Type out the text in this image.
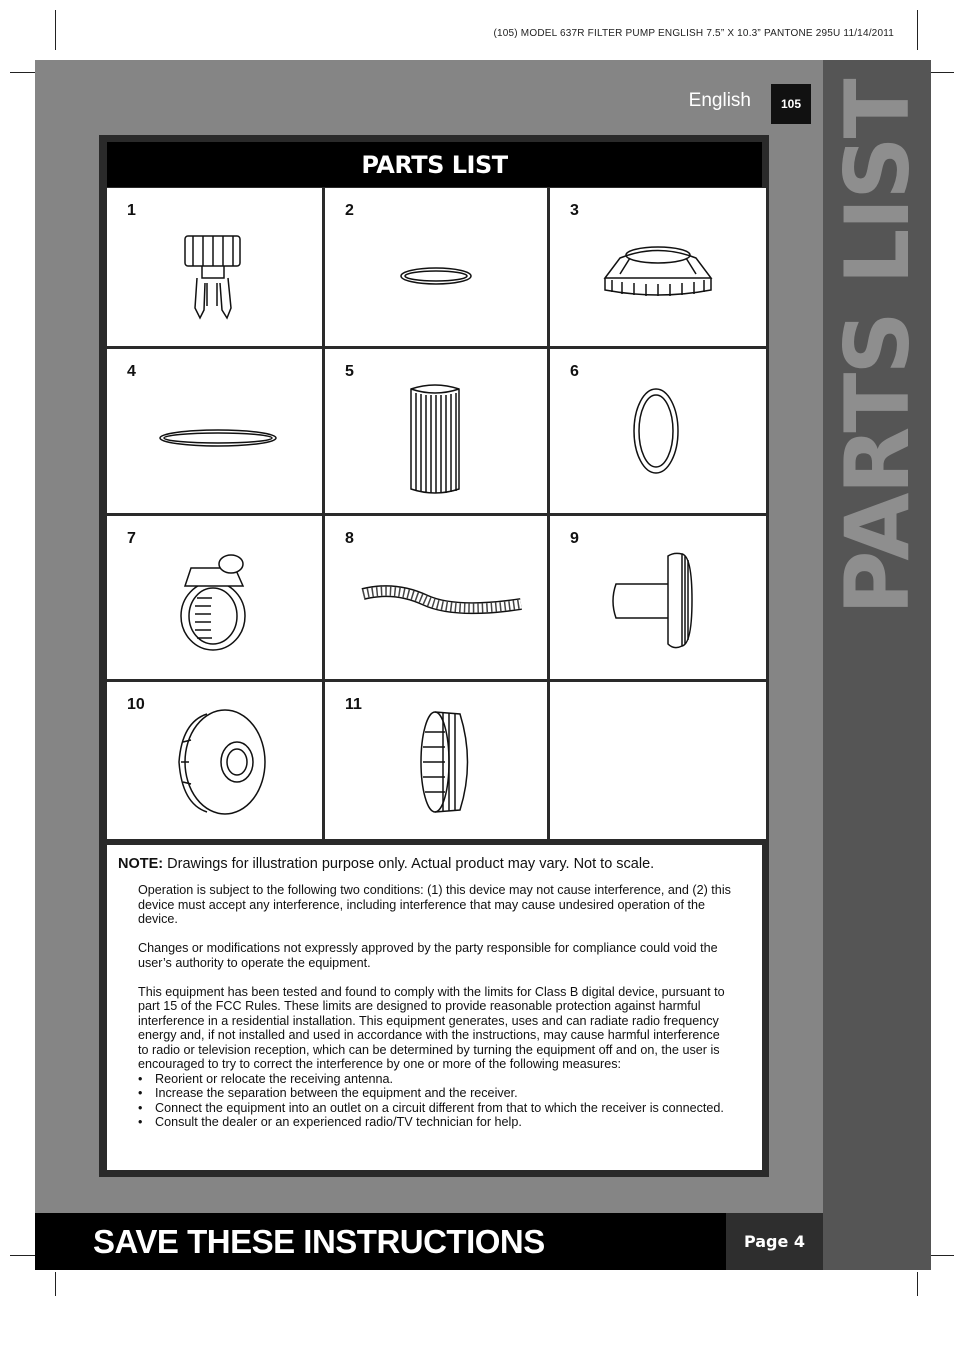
(105) MODEL 637R FILTER PUMP ENGLISH 7.5” X 10.3” PANTONE 295U 11/14/2011
PARTS LIST
English	105
PARTS LIST
1	2	3
4	5	6
7	8	9
10	11
NOTE: Drawings for illustration purpose only. Actual product may vary. Not to scale.

Operation is subject to the following two conditions: (1) this device may not cause interference, and (2) this device must accept any interference, including interference that may cause undesired operation of the device.

Changes or modifications not expressly approved by the party responsible for compliance could void the user’s authority to operate the equipment.

This equipment has been tested and found to comply with the limits for Class B digital device, pursuant to part 15 of the FCC Rules. These limits are designed to provide reasonable protection against harmful interference in a residential installation. This equipment generates, uses and can radiate radio frequency energy and, if not installed and used in accordance with the instructions, may cause harmful interference to radio or television reception, which can be determined by turning the equipment off and on, the user is encouraged to try to correct the interference by one or more of the following measures:

• Reorient or relocate the receiving antenna.
• Increase the separation between the equipment and the receiver.
• Connect the equipment into an outlet on a circuit different from that to which the receiver is connected.
• Consult the dealer or an experienced radio/TV technician for help.
SAVE THESE INSTRUCTIONS	Page 4
